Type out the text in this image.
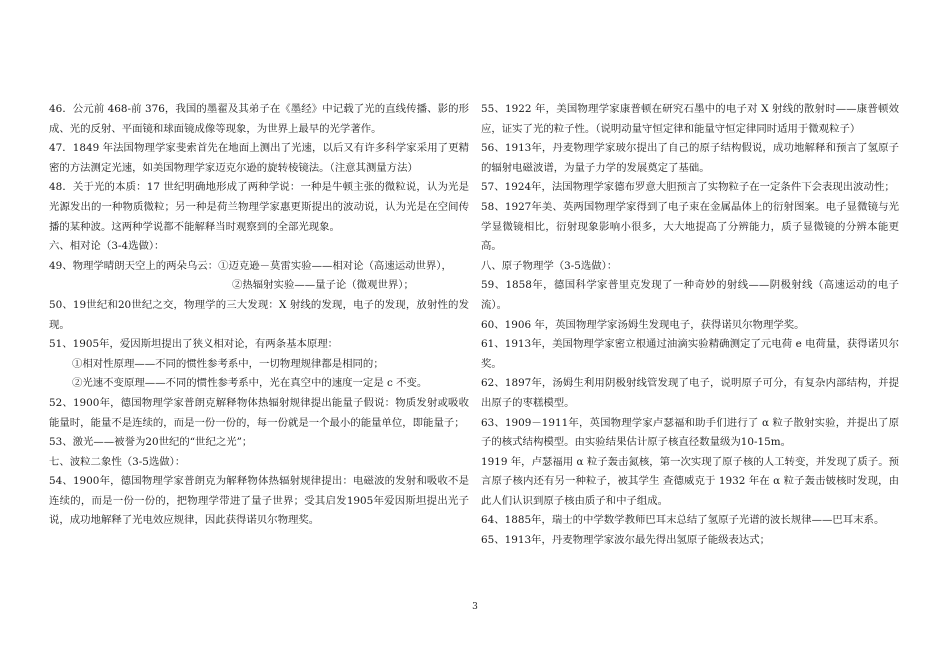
46．公元前 468-前 376，我国的墨翟及其弟子在《墨经》中记载了光的直线传播、影的形成、光的反射、平面镜和球面镜成像等现象，为世界上最早的光学著作。

47．1849 年法国物理学家斐索首先在地面上测出了光速，以后又有许多科学家采用了更精密的方法测定光速，如美国物理学家迈克尔逊的旋转棱镜法。（注意其测量方法）

48．关于光的本质：17 世纪明确地形成了两种学说：一种是牛顿主张的微粒说，认为光是光源发出的一种物质微粒；另一种是荷兰物理学家惠更斯提出的波动说，认为光是在空间传播的某种波。这两种学说都不能解释当时观察到的全部光现象。

六、相对论（3-4选做）：

49、物理学晴朗天空上的两朵乌云：①迈克逊－莫雷实验——相对论（高速运动世界），

②热辐射实验——量子论（微观世界）；

50、19世纪和20世纪之交，物理学的三大发现：X 射线的发现，电子的发现，放射性的发现。

51、1905年，爱因斯坦提出了狭义相对论，有两条基本原理：

①相对性原理——不同的惯性参考系中，一切物理规律都是相同的；

②光速不变原理——不同的惯性参考系中，光在真空中的速度一定是 c 不变。

52、1900年，德国物理学家普朗克解释物体热辐射规律提出能量子假说：物质发射或吸收能量时，能量不是连续的，而是一份一份的，每一份就是一个最小的能量单位，即能量子；

53、激光——被誉为20世纪的“世纪之光”；

七、波粒二象性（3-5选做）：

54、1900年，德国物理学家普朗克为解释物体热辐射规律提出：电磁波的发射和吸收不是连续的，而是一份一份的，把物理学带进了量子世界；受其启发1905年爱因斯坦提出光子说，成功地解释了光电效应规律，因此获得诺贝尔物理奖。

55、1922 年，美国物理学家康普顿在研究石墨中的电子对 X 射线的散射时——康普顿效应，证实了光的粒子性。（说明动量守恒定律和能量守恒定律同时适用于微观粒子）

56、1913年，丹麦物理学家玻尔提出了自己的原子结构假说，成功地解释和预言了氢原子的辐射电磁波谱，为量子力学的发展奠定了基础。

57、1924年，法国物理学家德布罗意大胆预言了实物粒子在一定条件下会表现出波动性；

58、1927年美、英两国物理学家得到了电子束在金属晶体上的衍射图案。电子显微镜与光学显微镜相比，衍射现象影响小很多，大大地提高了分辨能力，质子显微镜的分辨本能更高。

八、原子物理学（3-5选做）：

59、1858年，德国科学家普里克发现了一种奇妙的射线——阴极射线（高速运动的电子流）。

60、1906 年，英国物理学家汤姆生发现电子，获得诺贝尔物理学奖。

61、1913年，美国物理学家密立根通过油滴实验精确测定了元电荷 e 电荷量，获得诺贝尔奖。

62、1897年，汤姆生利用阴极射线管发现了电子，说明原子可分，有复杂内部结构，并提出原子的枣糕模型。

63、1909－1911年，英国物理学家卢瑟福和助手们进行了 α 粒子散射实验，并提出了原子的核式结构模型。由实验结果估计原子核直径数量级为10-15m。

1919 年，卢瑟福用 α 粒子轰击氮核，第一次实现了原子核的人工转变，并发现了质子。预言原子核内还有另一种粒子，被其学生 查德威克于 1932 年在 α 粒子轰击铍核时发现，由此人们认识到原子核由质子和中子组成。

64、1885年，瑞士的中学数学教师巴耳末总结了氢原子光谱的波长规律——巴耳末系。

65、1913年，丹麦物理学家波尔最先得出氢原子能级表达式；

3
